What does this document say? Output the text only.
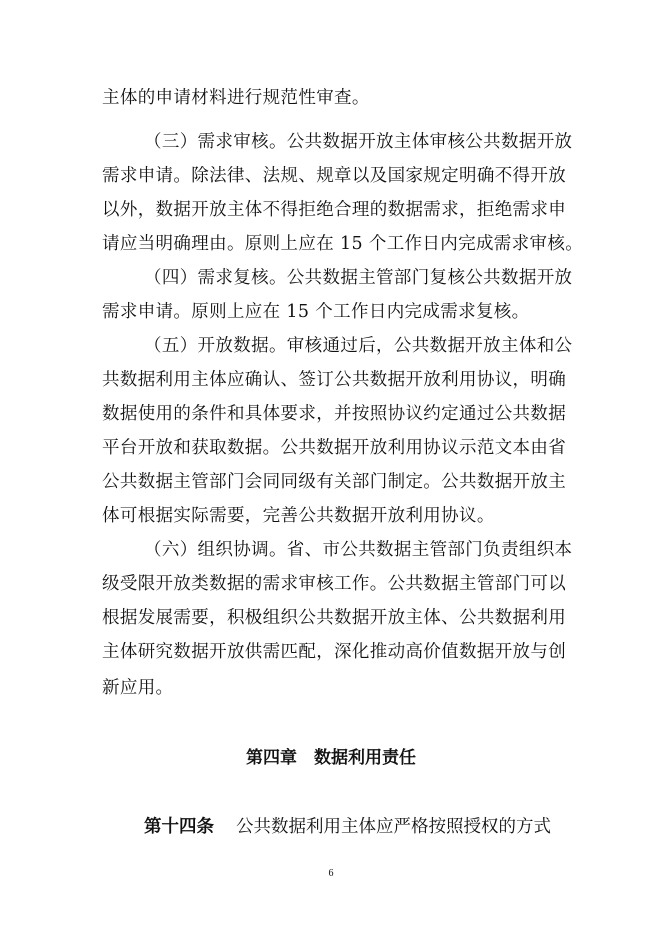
主体的申请材料进行规范性审查。
（三）需求审核。公共数据开放主体审核公共数据开放
需求申请。除法律、法规、规章以及国家规定明确不得开放
以外，数据开放主体不得拒绝合理的数据需求，拒绝需求申
请应当明确理由。原则上应在 15 个工作日内完成需求审核。
（四）需求复核。公共数据主管部门复核公共数据开放
需求申请。原则上应在 15 个工作日内完成需求复核。
（五）开放数据。审核通过后，公共数据开放主体和公
共数据利用主体应确认、签订公共数据开放利用协议，明确
数据使用的条件和具体要求，并按照协议约定通过公共数据
平台开放和获取数据。公共数据开放利用协议示范文本由省
公共数据主管部门会同同级有关部门制定。公共数据开放主
体可根据实际需要，完善公共数据开放利用协议。
（六）组织协调。省、市公共数据主管部门负责组织本
级受限开放类数据的需求审核工作。公共数据主管部门可以
根据发展需要，积极组织公共数据开放主体、公共数据利用
主体研究数据开放供需匹配，深化推动高价值数据开放与创
新应用。
第四章　数据利用责任
第十四条 公共数据利用主体应严格按照授权的方式
6
